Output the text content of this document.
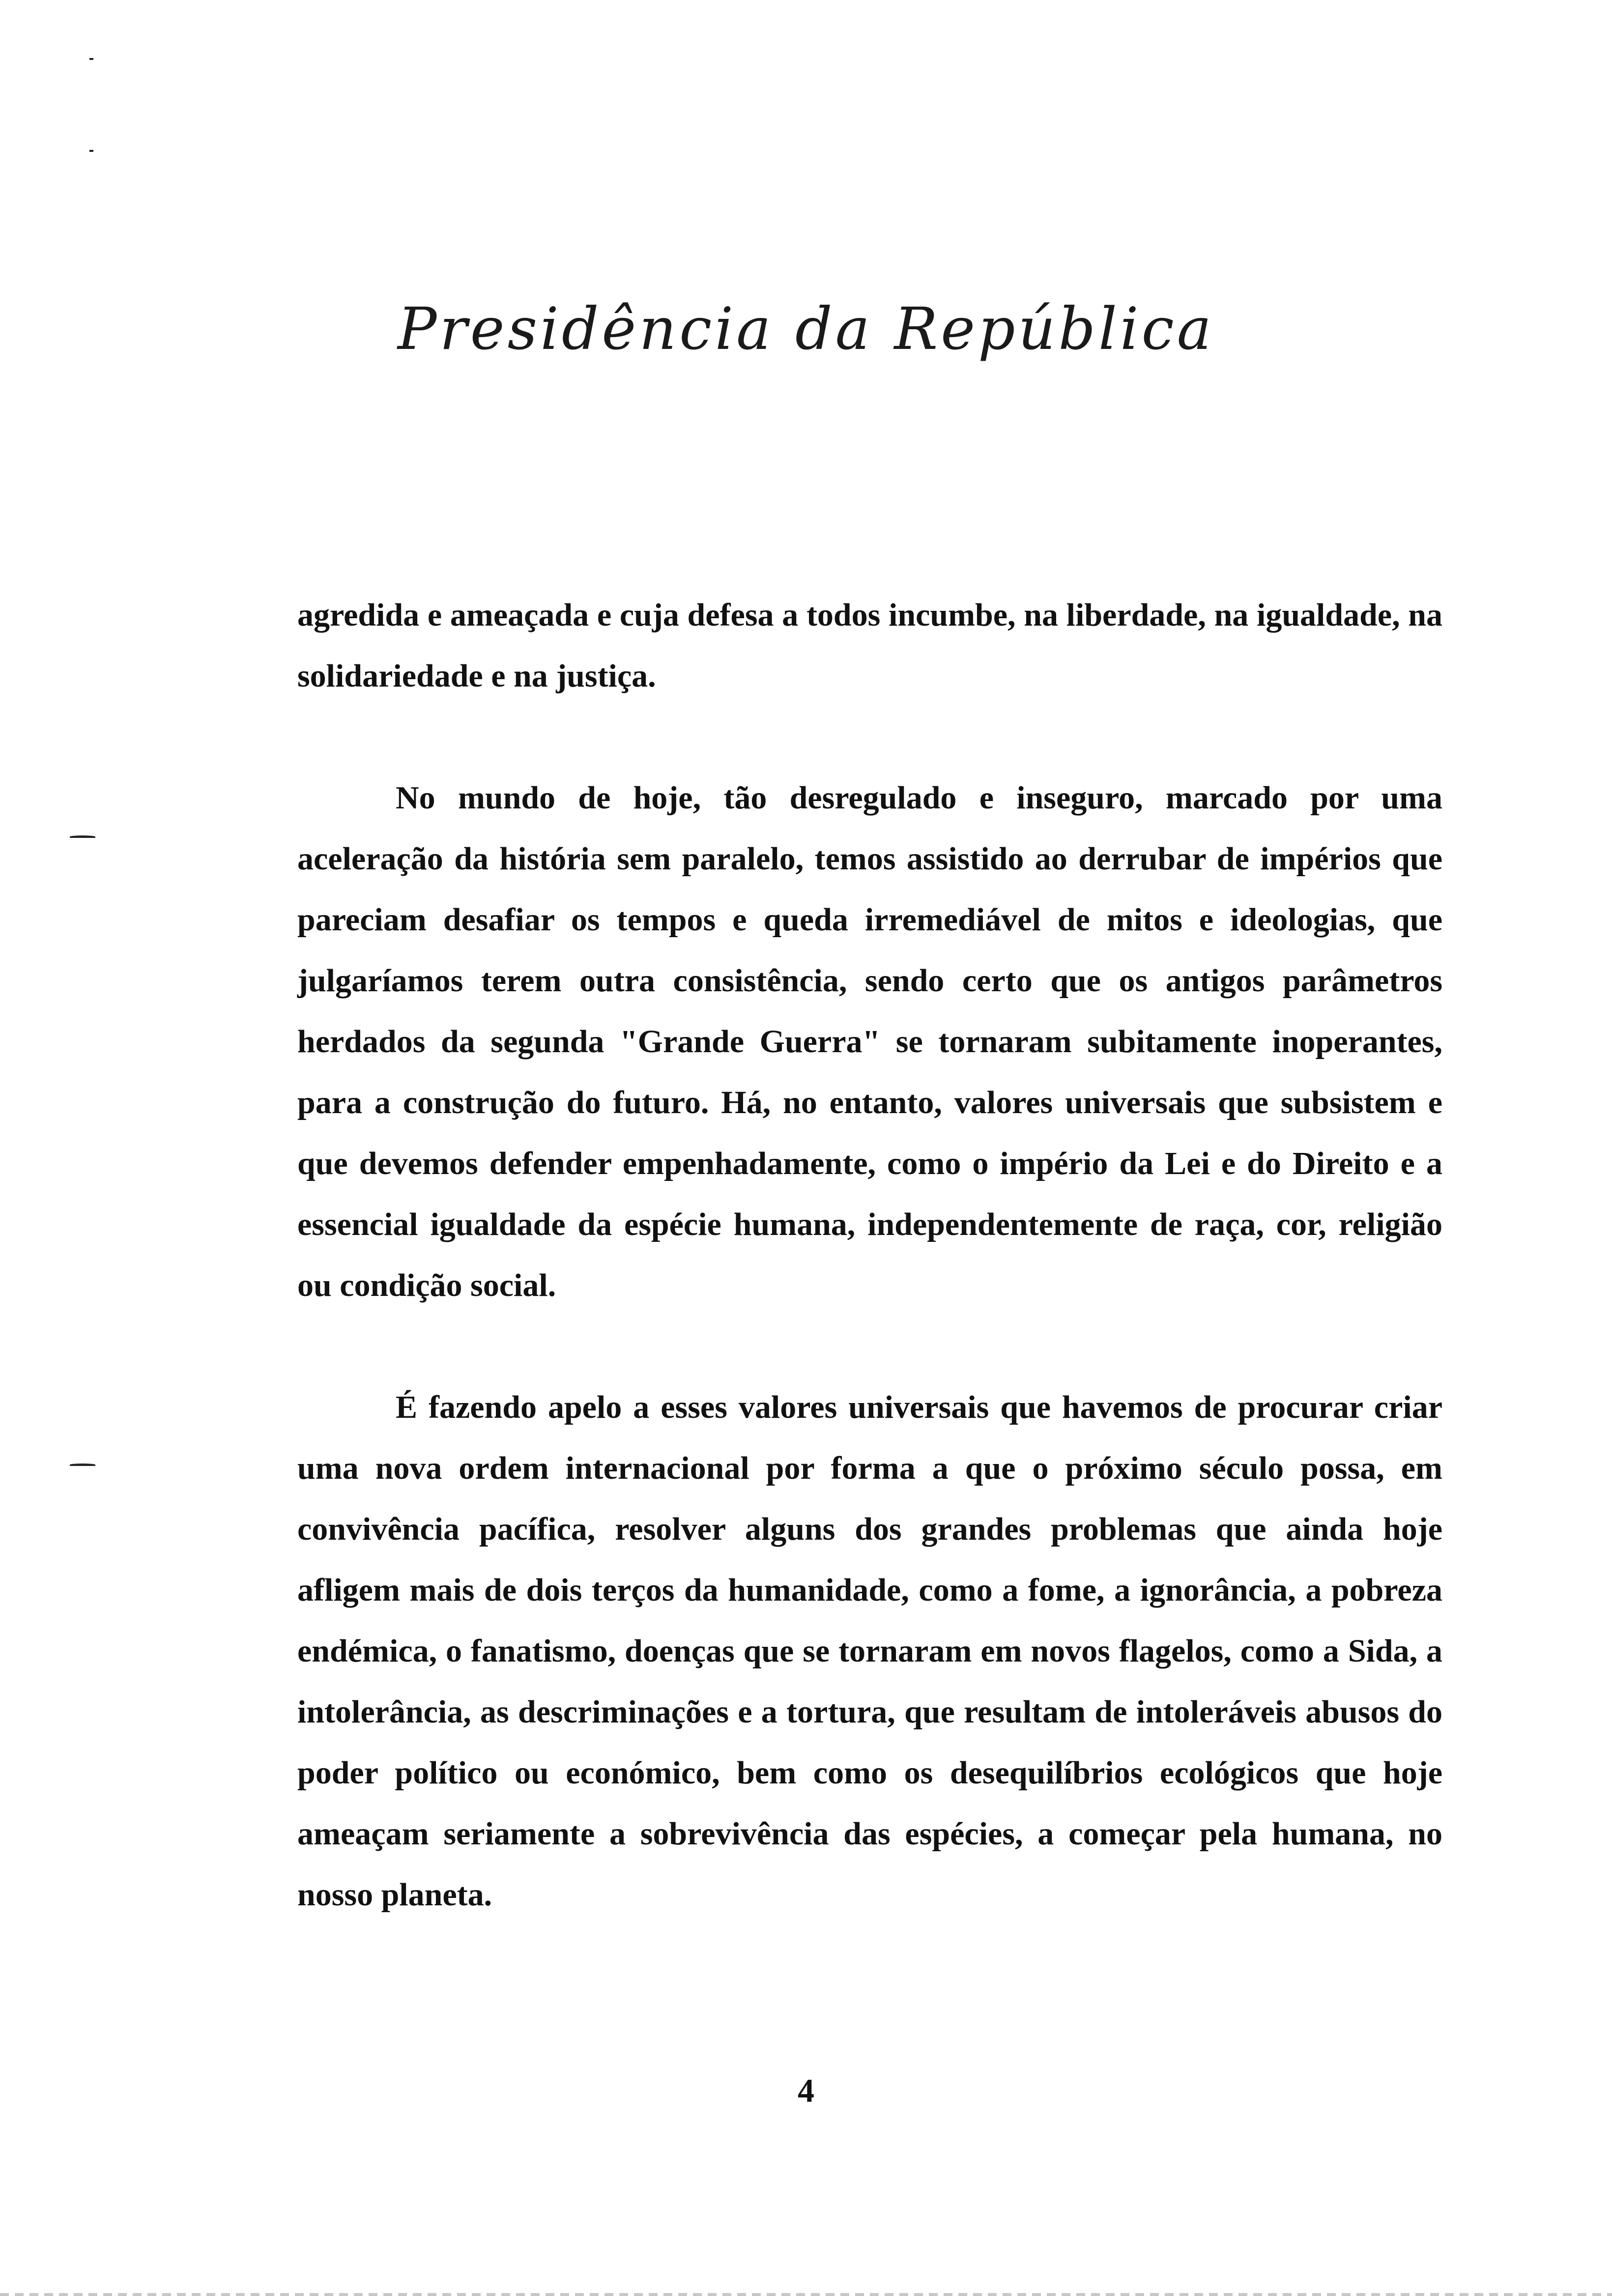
Presidência da República

agredida e ameaçada e cuja defesa a todos incumbe, na liberdade, na igualdade, na solidariedade e na justiça.

No mundo de hoje, tão desregulado e inseguro, marcado por uma aceleração da história sem paralelo, temos assistido ao derrubar de impérios que pareciam desafiar os tempos e queda irremediável de mitos e ideologias, que julgaríamos terem outra consistência, sendo certo que os antigos parâmetros herdados da segunda "Grande Guerra" se tornaram subitamente inoperantes, para a construção do futuro. Há, no entanto, valores universais que subsistem e que devemos defender empenhadamente, como o império da Lei e do Direito e a essencial igualdade da espécie humana, independentemente de raça, cor, religião ou condição social.

É fazendo apelo a esses valores universais que havemos de procurar criar uma nova ordem internacional por forma a que o próximo século possa, em convivência pacífica, resolver alguns dos grandes problemas que ainda hoje afligem mais de dois terços da humanidade, como a fome, a ignorância, a pobreza endémica, o fanatismo, doenças que se tornaram em novos flagelos, como a Sida, a intolerância, as descriminações e a tortura, que resultam de intoleráveis abusos do poder político ou económico, bem como os desequilíbrios ecológicos que hoje ameaçam seriamente a sobrevivência das espécies, a começar pela humana, no nosso planeta.

4
